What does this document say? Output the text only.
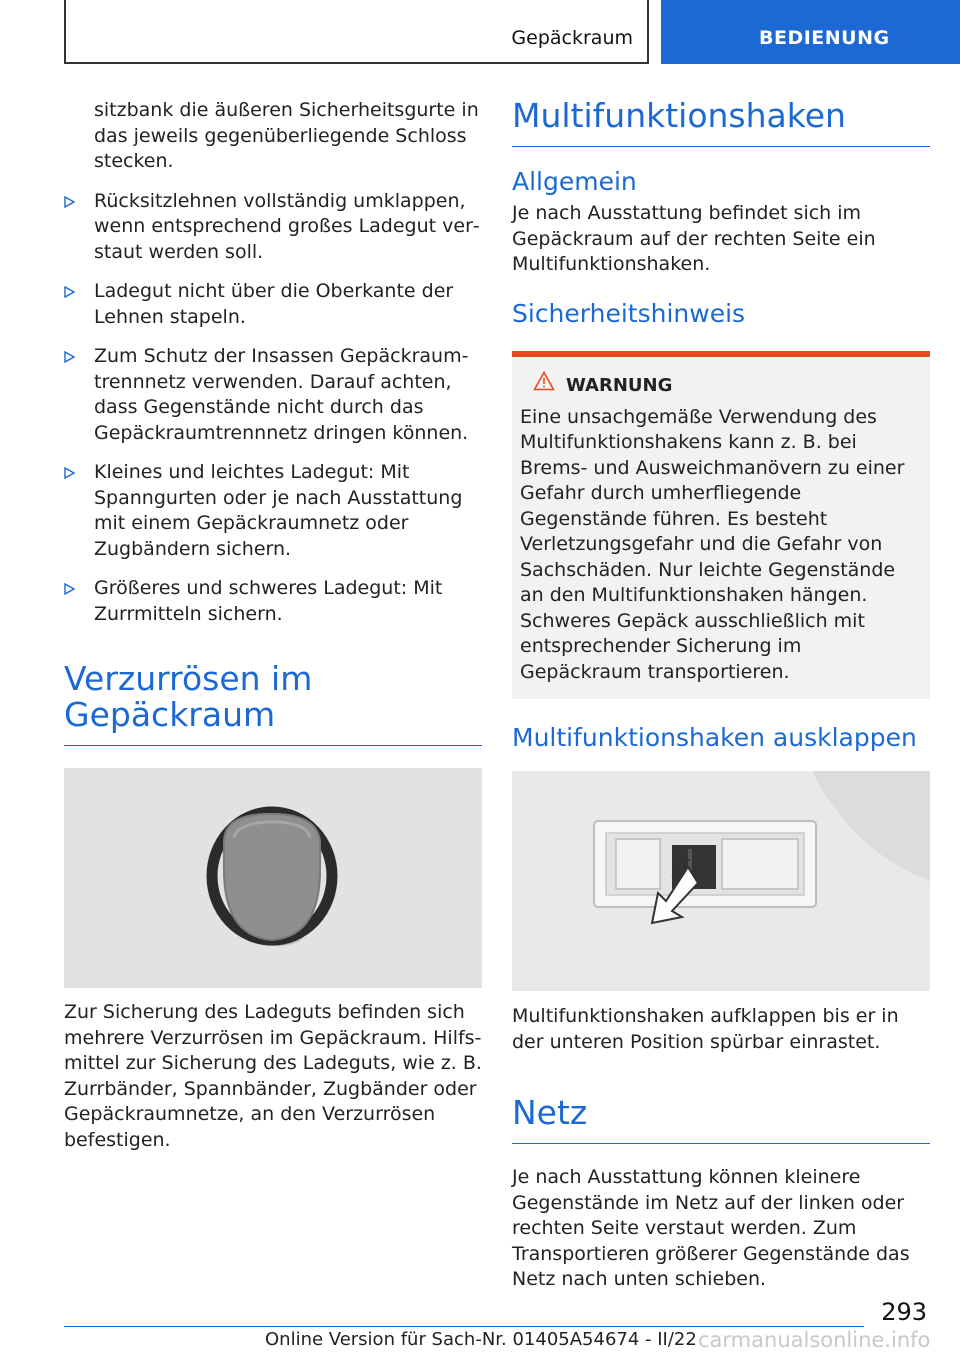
Gepäckraum	BEDIENUNG

sitzbank die äußeren Sicherheitsgurte in das jeweils gegenüberliegende Schloss stecken.

Rücksitzlehnen vollständig umklappen, wenn entsprechend großes Ladegut verstaut werden soll.
Ladegut nicht über die Oberkante der Lehnen stapeln.
Zum Schutz der Insassen Gepäckraumtrennnetz verwenden. Darauf achten, dass Gegenstände nicht durch das Gepäckraumtrennnetz dringen können.
Kleines und leichtes Ladegut: Mit Spanngurten oder je nach Ausstattung mit einem Gepäckraumnetz oder Zugbändern sichern.
Größeres und schweres Ladegut: Mit Zurrmitteln sichern.
Verzurrösen im
Gepäckraum

Zur Sicherung des Ladeguts befinden sich mehrere Verzurrösen im Gepäckraum. Hilfsmittel zur Sicherung des Ladeguts, wie z. B. Zurrbänder, Spannbänder, Zugbänder oder Gepäckraumnetze, an den Verzurrösen befestigen.

Multifunktionshaken
Allgemein

Je nach Ausstattung befindet sich im Gepäckraum auf der rechten Seite ein Multifunktionshaken.

Sicherheitshinweis
WARNUNG

Eine unsachgemäße Verwendung des Multifunktionshakens kann z. B. bei Brems- und Ausweichmanövern zu einer Gefahr durch umherfliegende Gegenstände führen. Es besteht Verletzungsgefahr und die Gefahr von Sachschäden. Nur leichte Gegenstände an den Multifunktionshaken hängen. Schweres Gepäck ausschließlich mit entsprechender Sicherung im Gepäckraum transportieren.

Multifunktionshaken ausklappen

Multifunktionshaken aufklappen bis er in der unteren Position spürbar einrastet.

Netz

Je nach Ausstattung können kleinere Gegenstände im Netz auf der linken oder rechten Seite verstaut werden. Zum Transportieren größerer Gegenstände das Netz nach unten schieben.

293
Online Version für Sach-Nr. 01405A54674 - II/22 carmanualsonline.info
